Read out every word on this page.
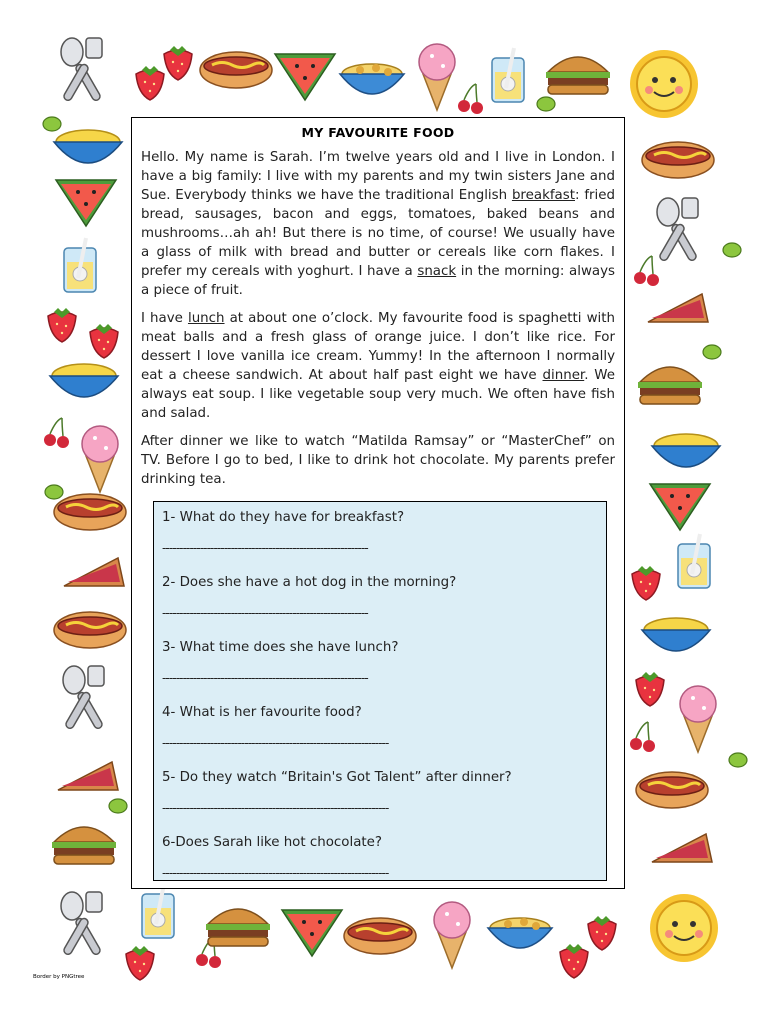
MY FAVOURITE FOOD

Hello. My name is Sarah. I’m twelve years old and I live in London. I have a big family: I live with my parents and my twin sisters Jane and Sue. Everybody thinks we have the traditional English breakfast: fried bread, sausages, bacon and eggs, tomatoes, baked beans and mushrooms…ah ah! But there is no time, of course! We usually have a glass of milk with bread and butter or cereals like corn flakes. I prefer my cereals with yoghurt. I have a snack in the morning: always a piece of fruit.

I have lunch at about one o’clock. My favourite food is spaghetti with meat balls and a fresh glass of orange juice. I don’t like rice. For dessert I love vanilla ice cream. Yummy! In the afternoon I normally eat a cheese sandwich. At about half past eight we have dinner. We always eat soup. I like vegetable soup very much. We often have fish and salad.

After dinner we like to watch “Matilda Ramsay” or “MasterChef” on TV. Before I go to bed, I like to drink hot chocolate. My parents prefer drinking tea.

1- What do they have for breakfast?
------------------------------------------------------------
2- Does she have a hot dog in the morning?
------------------------------------------------------------
3- What time does she have lunch?
------------------------------------------------------------
4- What is her favourite food?
------------------------------------------------------------------
5- Do they watch “Britain's Got Talent” after dinner?
------------------------------------------------------------------
6-Does Sarah like hot chocolate?
------------------------------------------------------------------
Border by PNGtree
